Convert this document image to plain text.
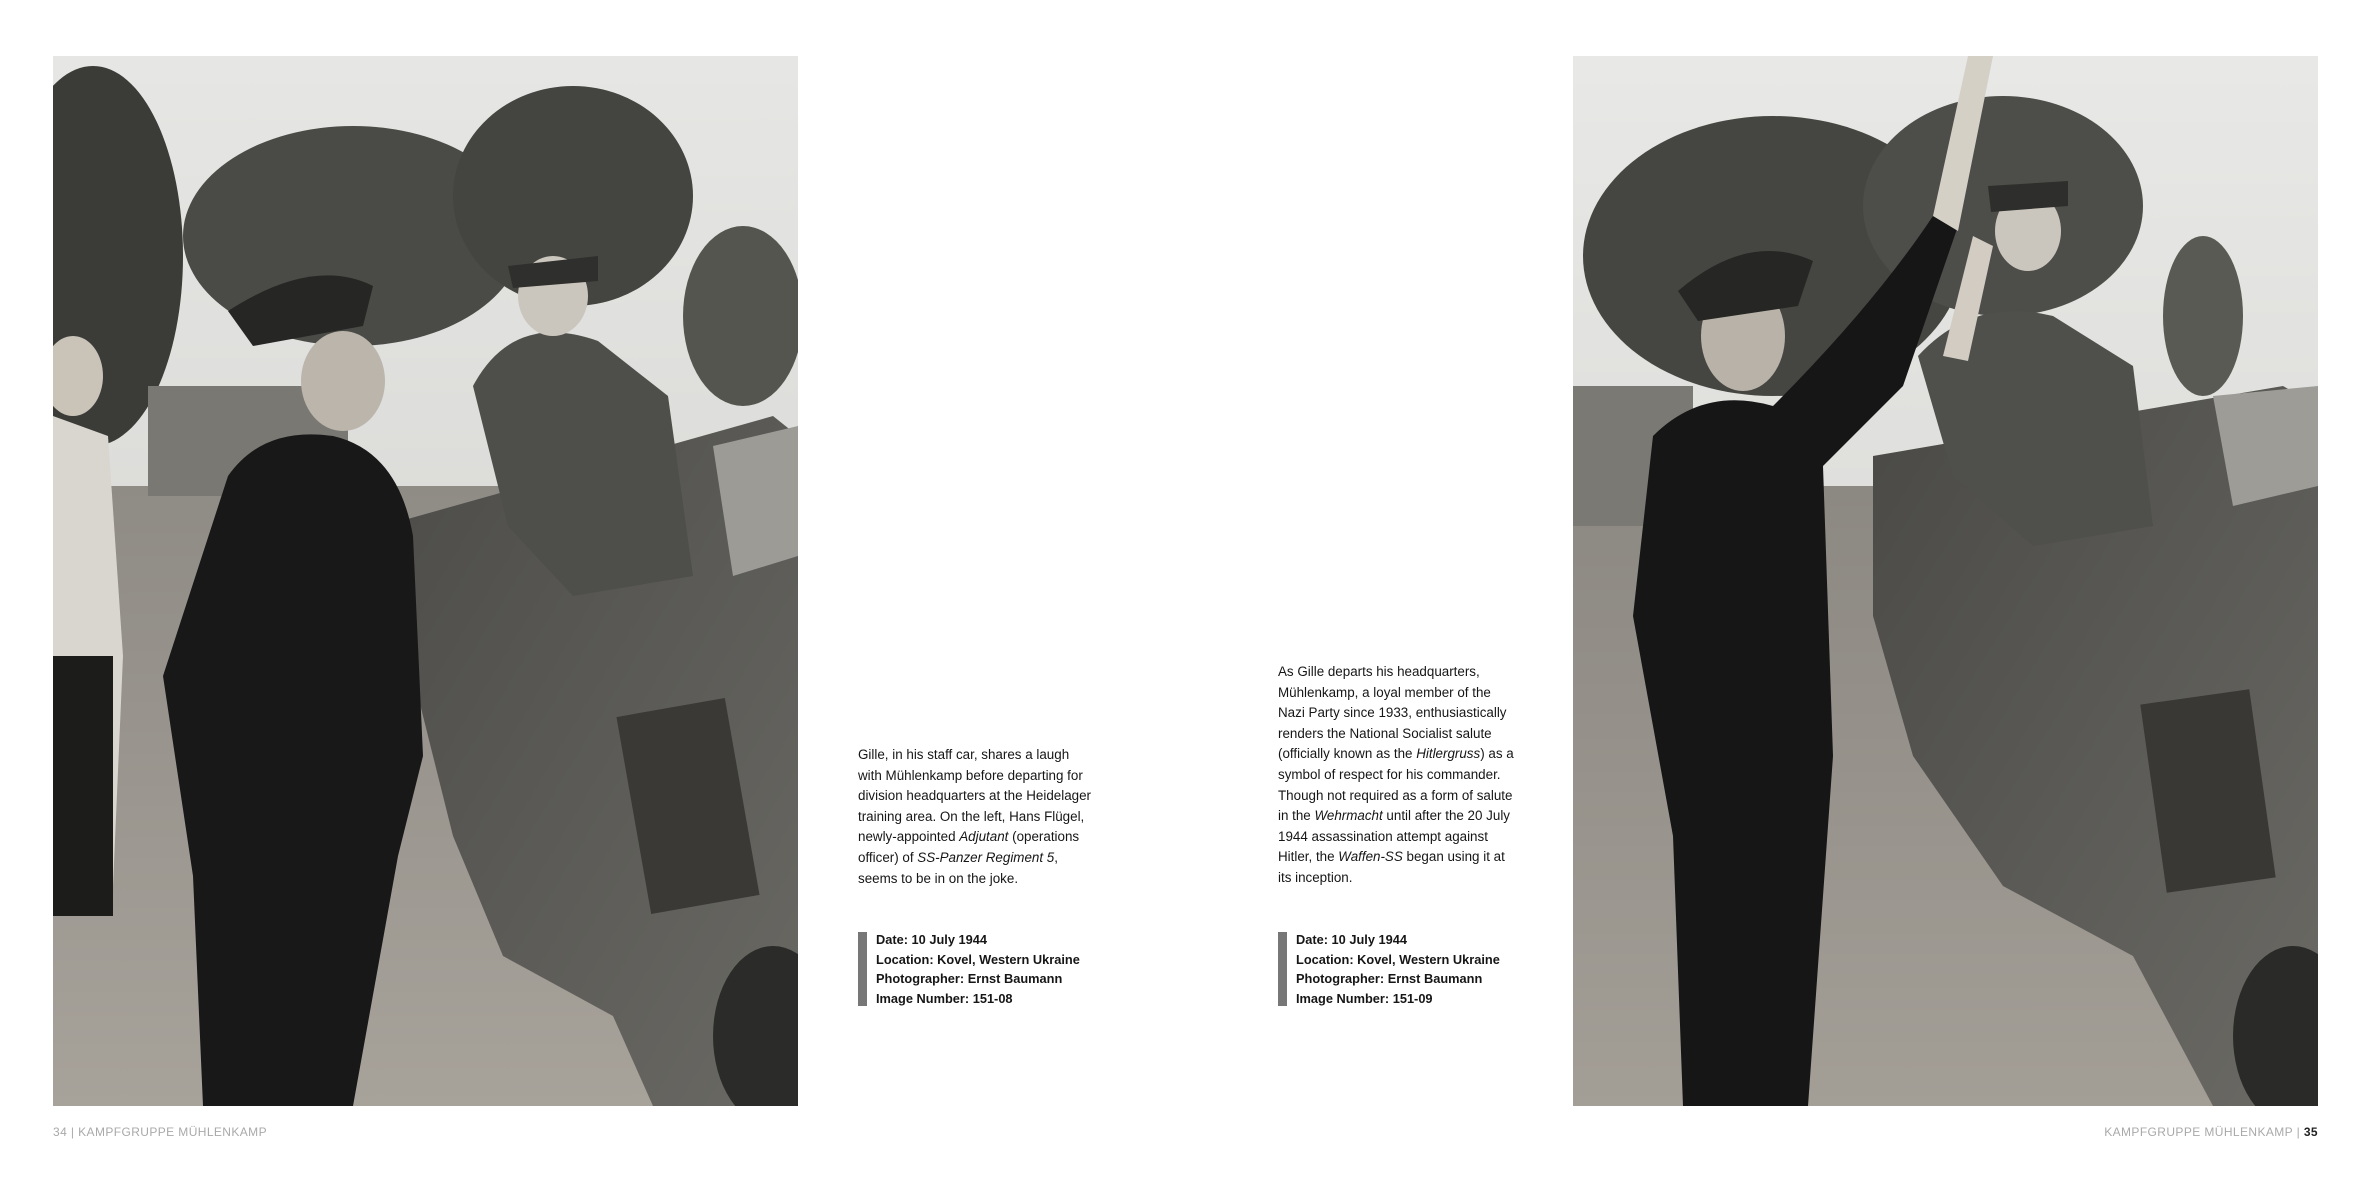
Gille, in his staff car, shares a laugh
with Mühlenkamp before departing for
division headquarters at the Heidelager
training area. On the left, Hans Flügel,
newly-appointed Adjutant (operations
officer) of SS-Panzer Regiment 5,
seems to be in on the joke.

Date: 10 July 1944
Location: Kovel, Western Ukraine
Photographer: Ernst Baumann
Image Number: 151-08

As Gille departs his headquarters,
Mühlenkamp, a loyal member of the
Nazi Party since 1933, enthusiastically
renders the National Socialist salute
(officially known as the Hitlergruss) as a
symbol of respect for his commander.
Though not required as a form of salute
in the Wehrmacht until after the 20 July
1944 assassination attempt against
Hitler, the Waffen-SS began using it at
its inception.

Date: 10 July 1944
Location: Kovel, Western Ukraine
Photographer: Ernst Baumann
Image Number: 151-09
34 | KAMPFGRUPPE MÜHLENKAMP	KAMPFGRUPPE MÜHLENKAMP | 35
